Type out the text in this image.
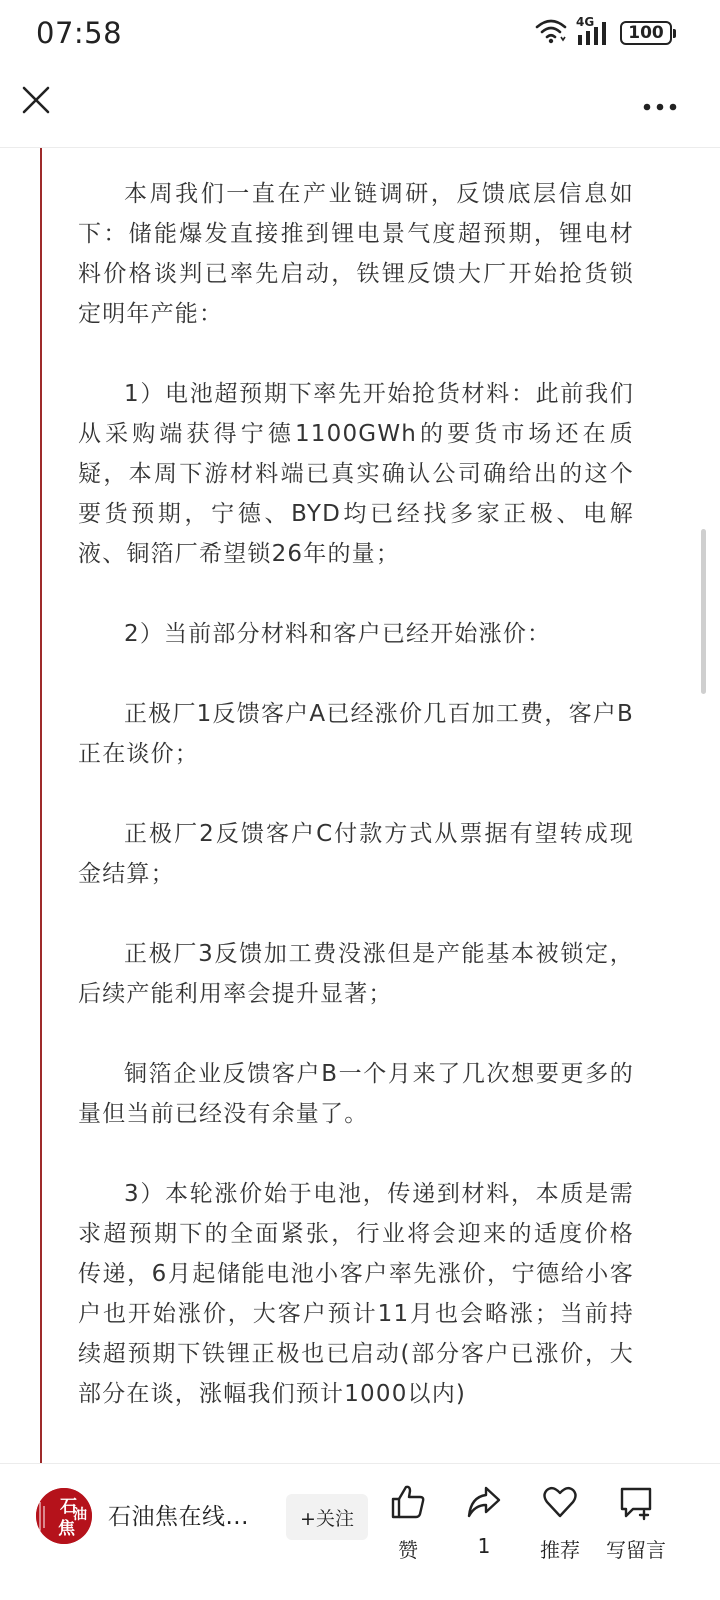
07:58	4G
100

本周我们一直在产业链调研，反馈底层信息如下：储能爆发直接推到锂电景气度超预期，锂电材料价格谈判已率先启动，铁锂反馈大厂开始抢货锁定明年产能：

1）电池超预期下率先开始抢货材料：此前我们从采购端获得宁德1100GWh的要货市场还在质疑，本周下游材料端已真实确认公司确给出的这个要货预期，宁德、BYD均已经找多家正极、电解液、铜箔厂希望锁26年的量；

2）当前部分材料和客户已经开始涨价：

正极厂1反馈客户A已经涨价几百加工费，客户B正在谈价；

正极厂2反馈客户C付款方式从票据有望转成现金结算；

正极厂3反馈加工费没涨但是产能基本被锁定，后续产能利用率会提升显著；

铜箔企业反馈客户B一个月来了几次想要更多的量但当前已经没有余量了。

3）本轮涨价始于电池，传递到材料，本质是需求超预期下的全面紧张，行业将会迎来的适度价格传递，6月起储能电池小客户率先涨价，宁德给小客户也开始涨价，大客户预计11月也会略涨；当前持续超预期下铁锂正极也已启动(部分客户已涨价，大部分在谈，涨幅我们预计1000以内)

石
油
焦 石油焦在线...	+关注
赞	1 推荐 写留言
